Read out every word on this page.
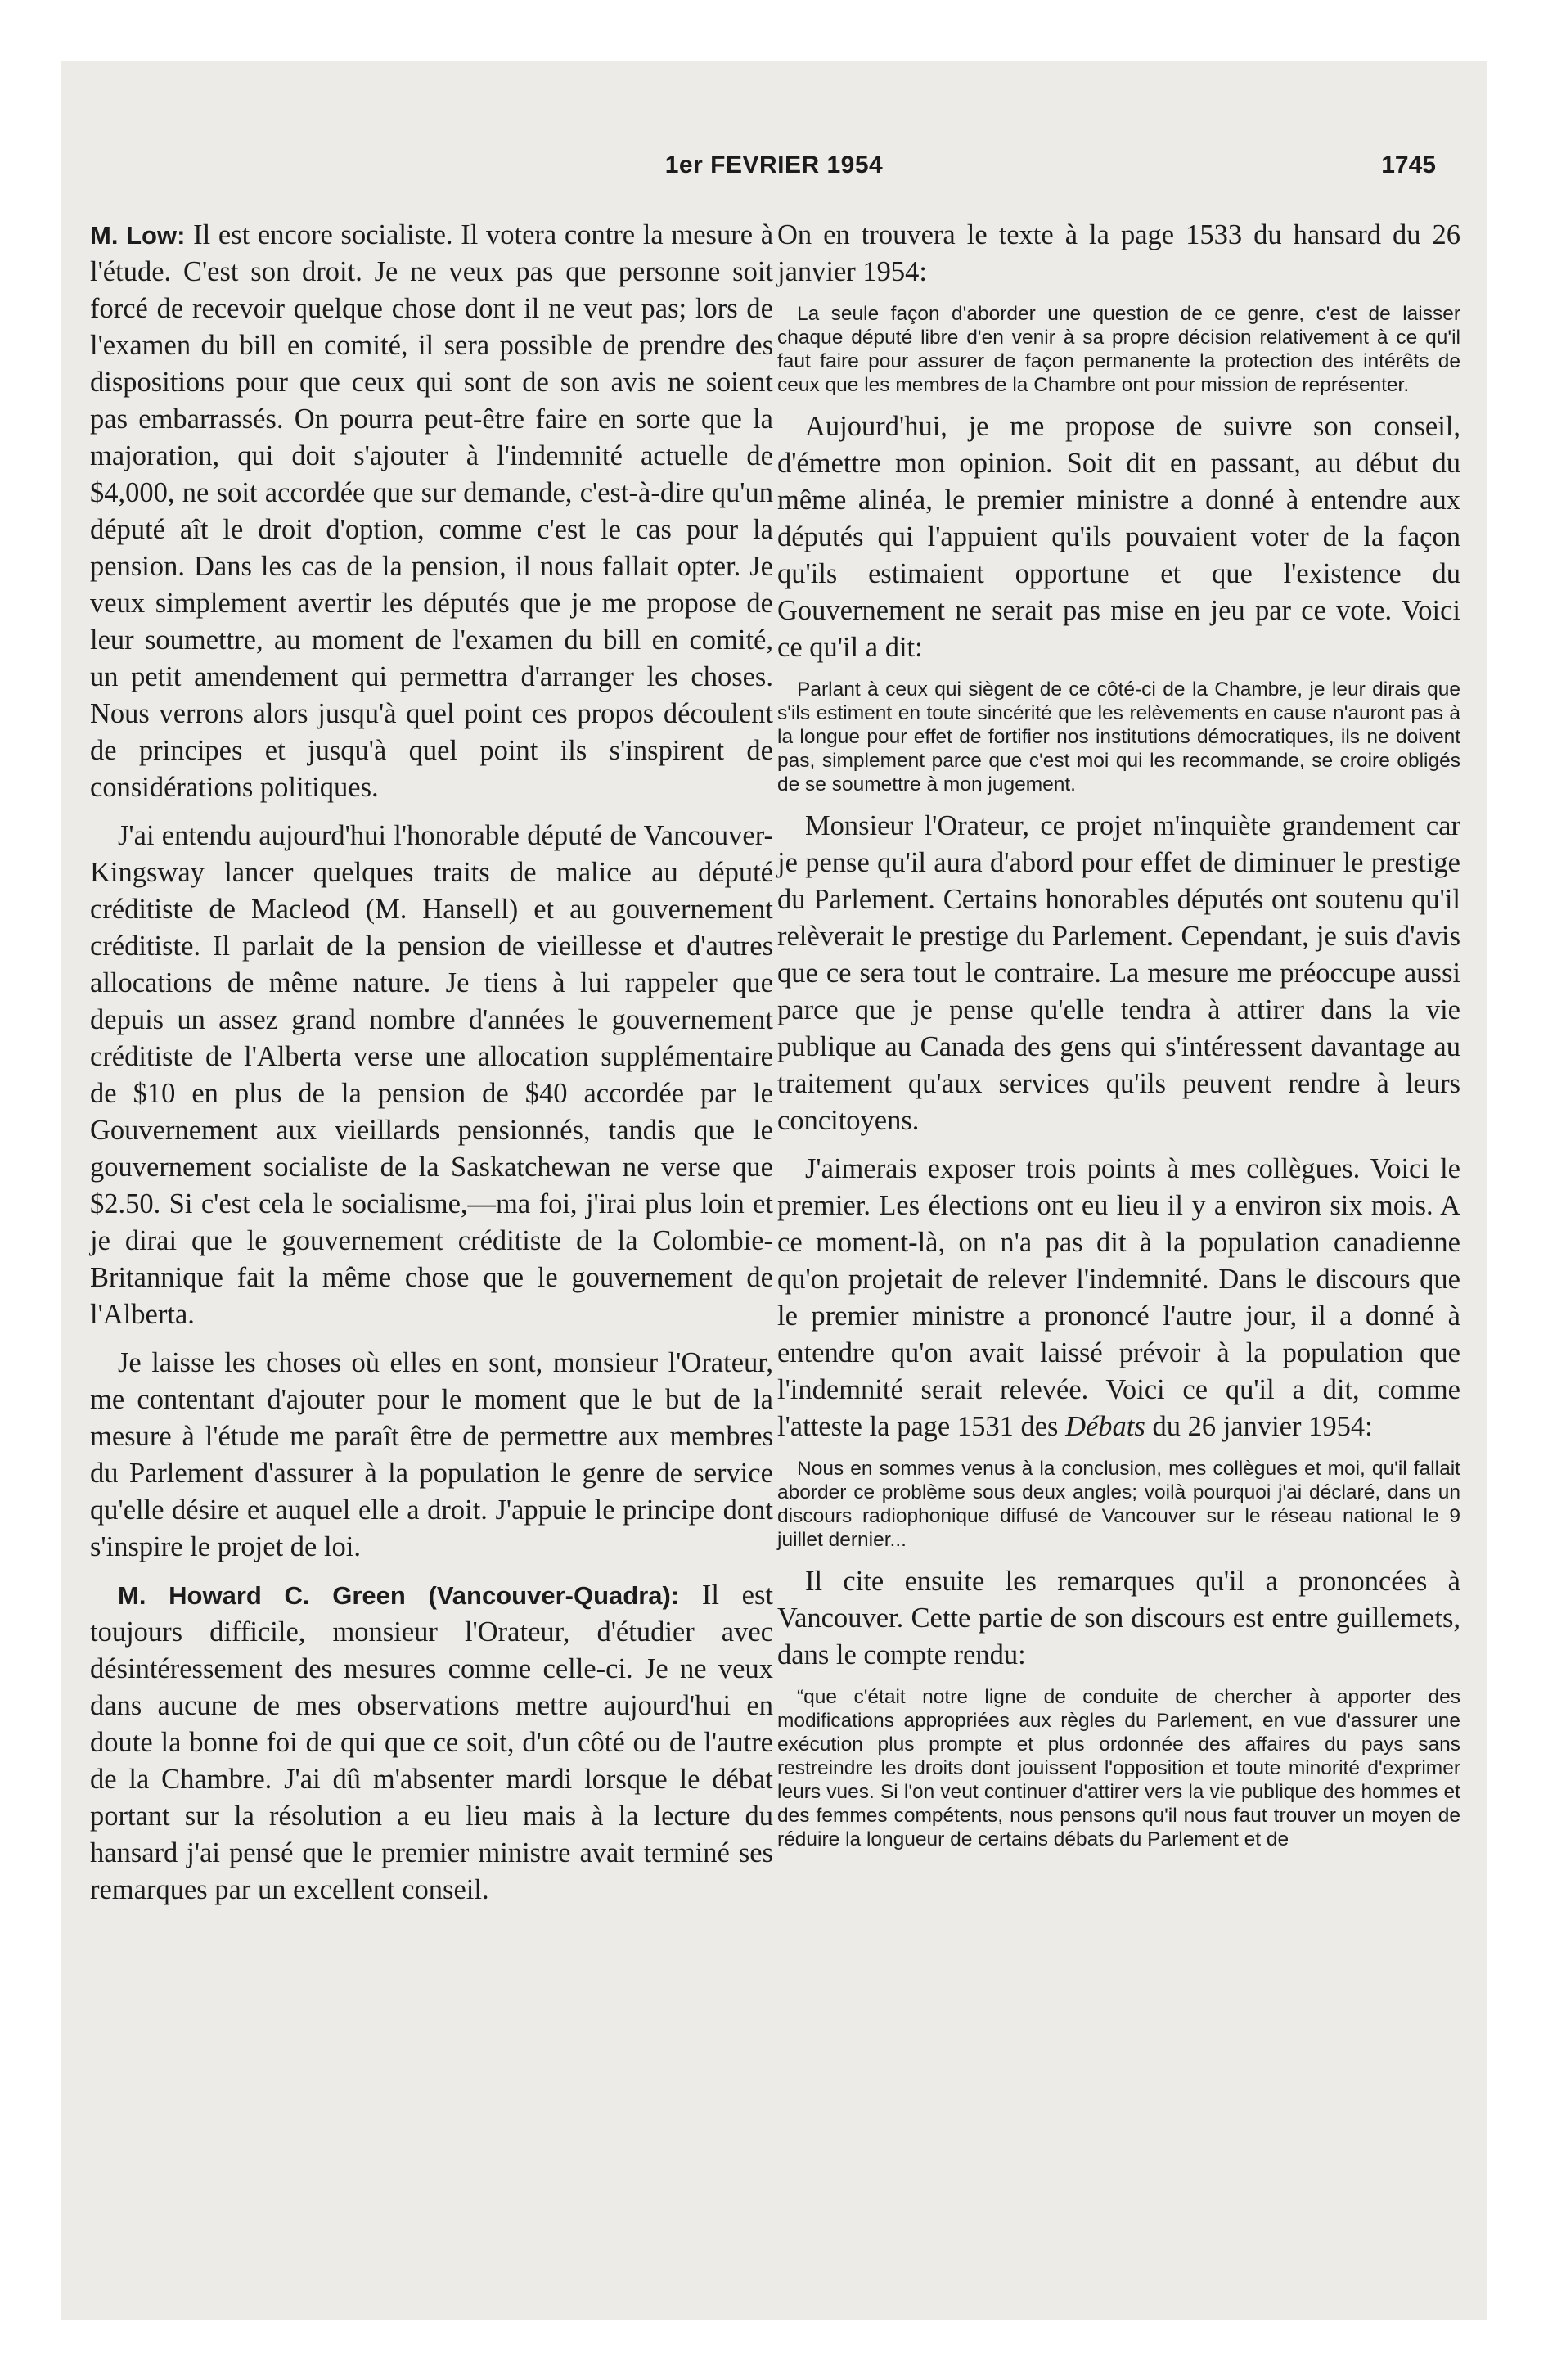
1er FEVRIER 1954	1745

M. Low: Il est encore socialiste. Il votera contre la mesure à l'étude. C'est son droit. Je ne veux pas que personne soit forcé de recevoir quelque chose dont il ne veut pas; lors de l'examen du bill en comité, il sera possible de prendre des dispositions pour que ceux qui sont de son avis ne soient pas embarrassés. On pourra peut-être faire en sorte que la majoration, qui doit s'ajouter à l'indemnité actuelle de $4,000, ne soit accordée que sur demande, c'est-à-dire qu'un député aît le droit d'option, comme c'est le cas pour la pension. Dans les cas de la pension, il nous fallait opter. Je veux simplement avertir les députés que je me propose de leur soumettre, au moment de l'examen du bill en comité, un petit amendement qui permettra d'arranger les choses. Nous verrons alors jusqu'à quel point ces propos découlent de principes et jusqu'à quel point ils s'inspirent de considérations politiques.

J'ai entendu aujourd'hui l'honorable député de Vancouver-Kingsway lancer quelques traits de malice au député créditiste de Macleod (M. Hansell) et au gouvernement créditiste. Il parlait de la pension de vieillesse et d'autres allocations de même nature. Je tiens à lui rappeler que depuis un assez grand nombre d'années le gouvernement créditiste de l'Alberta verse une allocation supplémentaire de $10 en plus de la pension de $40 accordée par le Gouvernement aux vieillards pensionnés, tandis que le gouvernement socialiste de la Saskatchewan ne verse que $2.50. Si c'est cela le socialisme,—ma foi, j'irai plus loin et je dirai que le gouvernement créditiste de la Colombie-Britannique fait la même chose que le gouvernement de l'Alberta.

Je laisse les choses où elles en sont, monsieur l'Orateur, me contentant d'ajouter pour le moment que le but de la mesure à l'étude me paraît être de permettre aux membres du Parlement d'assurer à la population le genre de service qu'elle désire et auquel elle a droit. J'appuie le principe dont s'inspire le projet de loi.

M. Howard C. Green (Vancouver-Quadra): Il est toujours difficile, monsieur l'Orateur, d'étudier avec désintéressement des mesures comme celle-ci. Je ne veux dans aucune de mes observations mettre aujourd'hui en doute la bonne foi de qui que ce soit, d'un côté ou de l'autre de la Chambre. J'ai dû m'absenter mardi lorsque le débat portant sur la résolution a eu lieu mais à la lecture du hansard j'ai pensé que le premier ministre avait terminé ses remarques par un excellent conseil.

On en trouvera le texte à la page 1533 du hansard du 26 janvier 1954:

La seule façon d'aborder une question de ce genre, c'est de laisser chaque député libre d'en venir à sa propre décision relativement à ce qu'il faut faire pour assurer de façon permanente la protection des intérêts de ceux que les membres de la Chambre ont pour mission de représenter.

Aujourd'hui, je me propose de suivre son conseil, d'émettre mon opinion. Soit dit en passant, au début du même alinéa, le premier ministre a donné à entendre aux députés qui l'appuient qu'ils pouvaient voter de la façon qu'ils estimaient opportune et que l'existence du Gouvernement ne serait pas mise en jeu par ce vote. Voici ce qu'il a dit:

Parlant à ceux qui siègent de ce côté-ci de la Chambre, je leur dirais que s'ils estiment en toute sincérité que les relèvements en cause n'auront pas à la longue pour effet de fortifier nos institutions démocratiques, ils ne doivent pas, simplement parce que c'est moi qui les recommande, se croire obligés de se soumettre à mon jugement.

Monsieur l'Orateur, ce projet m'inquiète grandement car je pense qu'il aura d'abord pour effet de diminuer le prestige du Parlement. Certains honorables députés ont soutenu qu'il relèverait le prestige du Parlement. Cependant, je suis d'avis que ce sera tout le contraire. La mesure me préoccupe aussi parce que je pense qu'elle tendra à attirer dans la vie publique au Canada des gens qui s'intéressent davantage au traitement qu'aux services qu'ils peuvent rendre à leurs concitoyens.

J'aimerais exposer trois points à mes collègues. Voici le premier. Les élections ont eu lieu il y a environ six mois. A ce moment-là, on n'a pas dit à la population canadienne qu'on projetait de relever l'indemnité. Dans le discours que le premier ministre a prononcé l'autre jour, il a donné à entendre qu'on avait laissé prévoir à la population que l'indemnité serait relevée. Voici ce qu'il a dit, comme l'atteste la page 1531 des Débats du 26 janvier 1954:

Nous en sommes venus à la conclusion, mes collègues et moi, qu'il fallait aborder ce problème sous deux angles; voilà pourquoi j'ai déclaré, dans un discours radiophonique diffusé de Vancouver sur le réseau national le 9 juillet dernier...

Il cite ensuite les remarques qu'il a prononcées à Vancouver. Cette partie de son discours est entre guillemets, dans le compte rendu:

“que c'était notre ligne de conduite de chercher à apporter des modifications appropriées aux règles du Parlement, en vue d'assurer une exécution plus prompte et plus ordonnée des affaires du pays sans restreindre les droits dont jouissent l'opposition et toute minorité d'exprimer leurs vues. Si l'on veut continuer d'attirer vers la vie publique des hommes et des femmes compétents, nous pensons qu'il nous faut trouver un moyen de réduire la longueur de certains débats du Parlement et de
